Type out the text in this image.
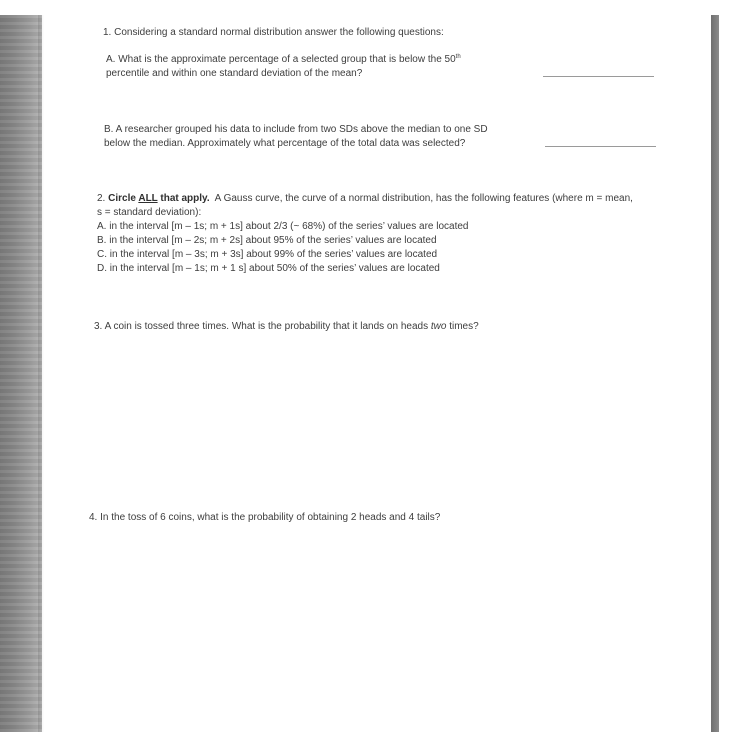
1. Considering a standard normal distribution answer the following questions:
A. What is the approximate percentage of a selected group that is below the 50th
percentile and within one standard deviation of the mean?
B. A researcher grouped his data to include from two SDs above the median to one SD
below the median. Approximately what percentage of the total data was selected?
2. Circle ALL that apply. A Gauss curve, the curve of a normal distribution, has the following features (where m = mean,
s = standard deviation):
A. in the interval [m – 1s; m + 1s] about 2/3 (~ 68%) of the series’ values are located
B. in the interval [m – 2s; m + 2s] about 95% of the series’ values are located
C. in the interval [m – 3s; m + 3s] about 99% of the series’ values are located
D. in the interval [m – 1s; m + 1 s] about 50% of the series’ values are located
3. A coin is tossed three times. What is the probability that it lands on heads two times?
4. In the toss of 6 coins, what is the probability of obtaining 2 heads and 4 tails?
